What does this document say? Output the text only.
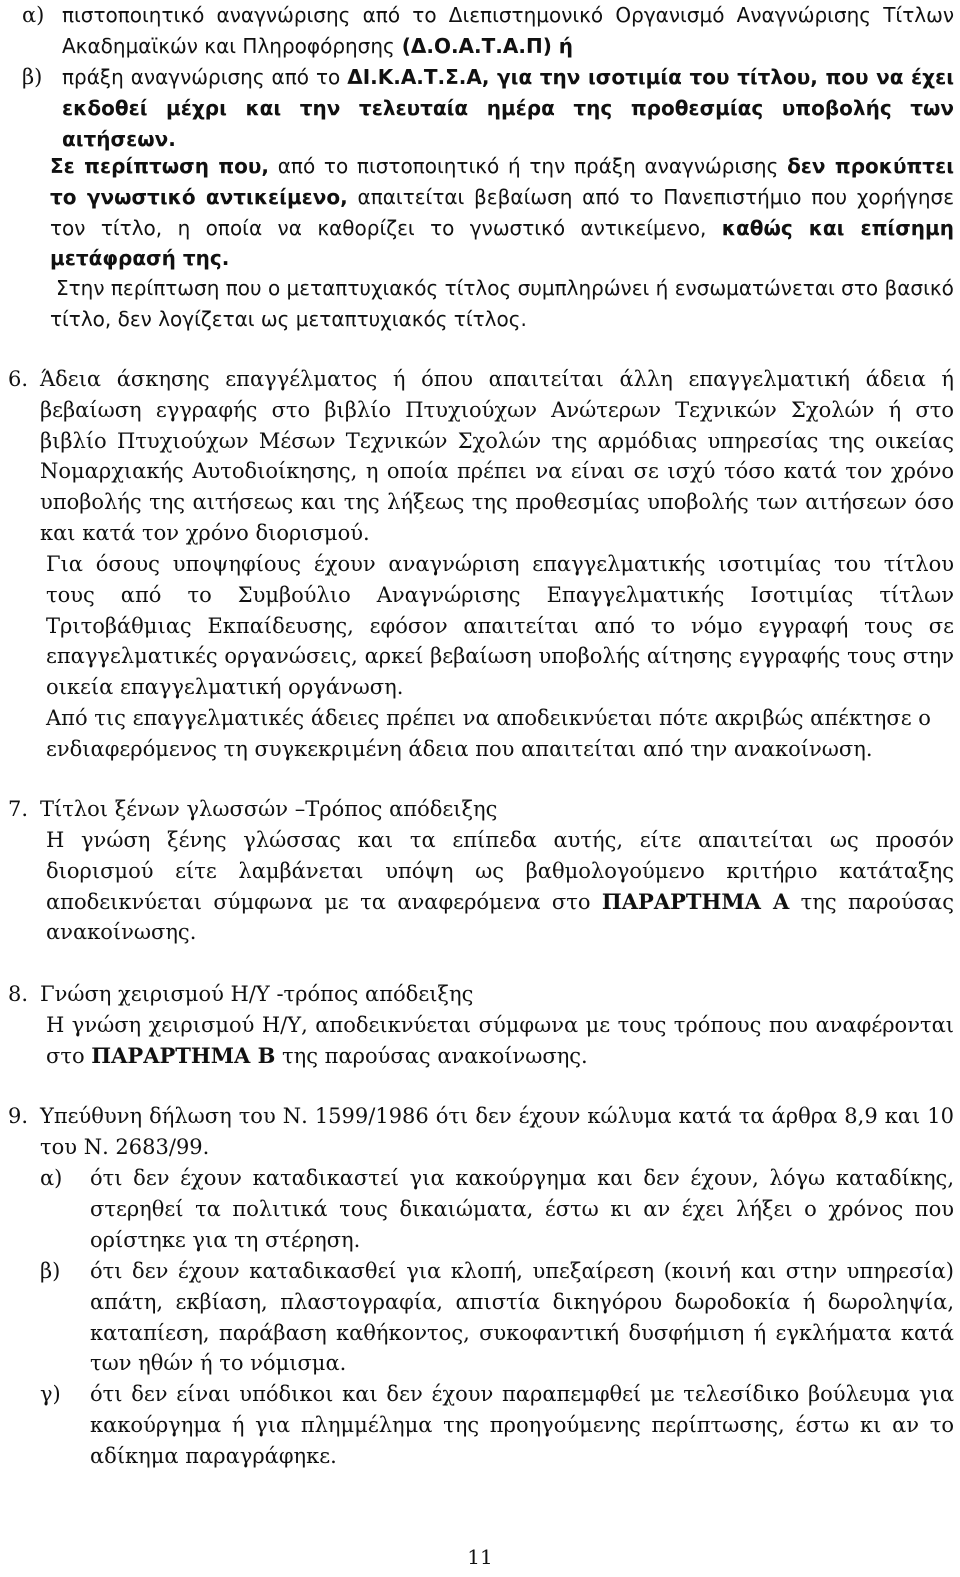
α) πιστοποιητικό αναγνώρισης από το Διεπιστημονικό Οργανισμό Αναγνώρισης Τίτλων Ακαδημαϊκών και Πληροφόρησης (Δ.Ο.Α.Τ.Α.Π) ή

β) πράξη αναγνώρισης από το ΔΙ.Κ.Α.Τ.Σ.Α, για την ισοτιμία του τίτλου, που να έχει εκδοθεί μέχρι και την τελευταία ημέρα της προθεσμίας υποβολής των αιτήσεων.

Σε περίπτωση που, από το πιστοποιητικό ή την πράξη αναγνώρισης δεν προκύπτει το γνωστικό αντικείμενο, απαιτείται βεβαίωση από το Πανεπιστήμιο που χορήγησε τον τίτλο, η οποία να καθορίζει το γνωστικό αντικείμενο, καθώς και επίσημη μετάφρασή της.

Στην περίπτωση που ο μεταπτυχιακός τίτλος συμπληρώνει ή ενσωματώνεται στο βασικό τίτλο, δεν λογίζεται ως μεταπτυχιακός τίτλος.

6. Άδεια άσκησης επαγγέλματος ή όπου απαιτείται άλλη επαγγελματική άδεια ή βεβαίωση εγγραφής στο βιβλίο Πτυχιούχων Ανώτερων Τεχνικών Σχολών ή στο βιβλίο Πτυχιούχων Μέσων Τεχνικών Σχολών της αρμόδιας υπηρεσίας της οικείας Νομαρχιακής Αυτοδιοίκησης, η οποία πρέπει να είναι σε ισχύ τόσο κατά τον χρόνο υποβολής της αιτήσεως και της λήξεως της προθεσμίας υποβολής των αιτήσεων όσο και κατά τον χρόνο διορισμού.

Για όσους υποψηφίους έχουν αναγνώριση επαγγελματικής ισοτιμίας του τίτλου τους από το Συμβούλιο Αναγνώρισης Επαγγελματικής Ισοτιμίας τίτλων Τριτοβάθμιας Εκπαίδευσης, εφόσον απαιτείται από το νόμο εγγραφή τους σε επαγγελματικές οργανώσεις, αρκεί βεβαίωση υποβολής αίτησης εγγραφής τους στην οικεία επαγγελματική οργάνωση.

Από τις επαγγελματικές άδειες πρέπει να αποδεικνύεται πότε ακριβώς απέκτησε ο ενδιαφερόμενος τη συγκεκριμένη άδεια που απαιτείται από την ανακοίνωση.

7. Τίτλοι ξένων γλωσσών –Τρόπος απόδειξης

Η γνώση ξένης γλώσσας και τα επίπεδα αυτής, είτε απαιτείται ως προσόν διορισμού είτε λαμβάνεται υπόψη ως βαθμολογούμενο κριτήριο κατάταξης αποδεικνύεται σύμφωνα με τα αναφερόμενα στο ΠΑΡΑΡΤΗΜΑ Α της παρούσας ανακοίνωσης.

8. Γνώση χειρισμού Η/Υ -τρόπος απόδειξης

Η γνώση χειρισμού Η/Υ, αποδεικνύεται σύμφωνα με τους τρόπους που αναφέρονται στο ΠΑΡΑΡΤΗΜΑ Β της παρούσας ανακοίνωσης.

9. Υπεύθυνη δήλωση του Ν. 1599/1986 ότι δεν έχουν κώλυμα κατά τα άρθρα 8,9 και 10 του Ν. 2683/99.

α) ότι δεν έχουν καταδικαστεί για κακούργημα και δεν έχουν, λόγω καταδίκης, στερηθεί τα πολιτικά τους δικαιώματα, έστω κι αν έχει λήξει ο χρόνος που ορίστηκε για τη στέρηση.

β) ότι δεν έχουν καταδικασθεί για κλοπή, υπεξαίρεση (κοινή και στην υπηρεσία) απάτη, εκβίαση, πλαστογραφία, απιστία δικηγόρου δωροδοκία ή δωροληψία, καταπίεση, παράβαση καθήκοντος, συκοφαντική δυσφήμιση ή εγκλήματα κατά των ηθών ή το νόμισμα.

γ) ότι δεν είναι υπόδικοι και δεν έχουν παραπεμφθεί με τελεσίδικο βούλευμα για κακούργημα ή για πλημμέλημα της προηγούμενης περίπτωσης, έστω κι αν το αδίκημα παραγράφηκε.

11
